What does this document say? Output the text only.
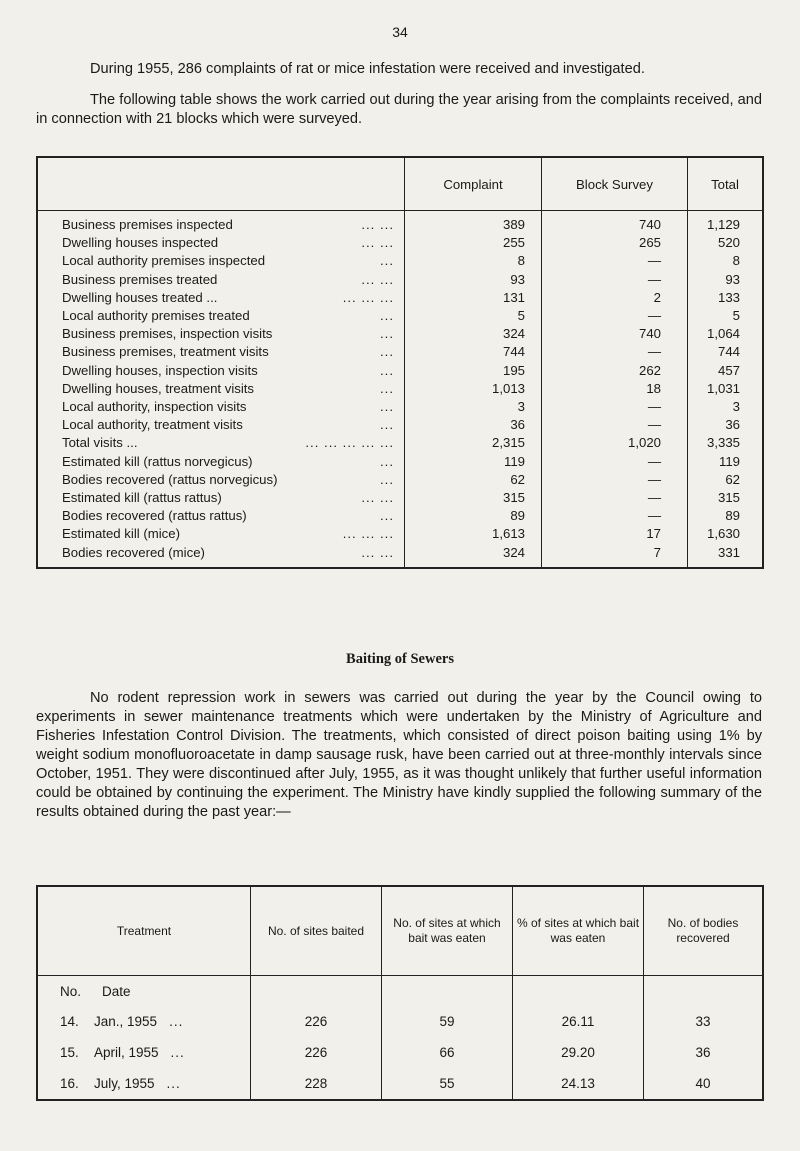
34

During 1955, 286 complaints of rat or mice infestation were received and investigated.

The following table shows the work carried out during the year arising from the complaints received, and in connection with 21 blocks which were surveyed.

	Complaint	Block Survey	Total
Business premises inspected ... ...	389	740	1,129
Dwelling houses inspected ... ...	255	265	520
Local authority premises inspected ...	8	—	8
Business premises treated ... ...	93	—	93
Dwelling houses treated ... ... ... ...	131	2	133
Local authority premises treated ...	5	—	5
Business premises, inspection visits ...	324	740	1,064
Business premises, treatment visits ...	744	—	744
Dwelling houses, inspection visits ...	195	262	457
Dwelling houses, treatment visits ...	1,013	18	1,031
Local authority, inspection visits ...	3	—	3
Local authority, treatment visits ...	36	—	36
Total visits ... ... ... ... ... ...	2,315	1,020	3,335
Estimated kill (rattus norvegicus) ...	119	—	119
Bodies recovered (rattus norvegicus) ...	62	—	62
Estimated kill (rattus rattus) ... ...	315	—	315
Bodies recovered (rattus rattus) ...	89	—	89
Estimated kill (mice) ... ... ...	1,613	17	1,630
Bodies recovered (mice) ... ...	324	7	331
Baiting of Sewers

No rodent repression work in sewers was carried out during the year by the Council owing to experiments in sewer maintenance treatments which were undertaken by the Ministry of Agriculture and Fisheries Infestation Control Division. The treatments, which consisted of direct poison baiting using 1% by weight sodium monofluoroacetate in damp sausage rusk, have been carried out at three-monthly intervals since October, 1951. They were discontinued after July, 1955, as it was thought unlikely that further useful information could be obtained by continuing the experiment. The Ministry have kindly supplied the following summary of the results obtained during the past year:—

Treatment	No. of sites baited	No. of sites at which bait was eaten	% of sites at which bait was eaten	No. of bodies recovered
No. Date				
14. Jan., 1955 ...	226	59	26.11	33
15. April, 1955 ...	226	66	29.20	36
16. July, 1955 ...	228	55	24.13	40
